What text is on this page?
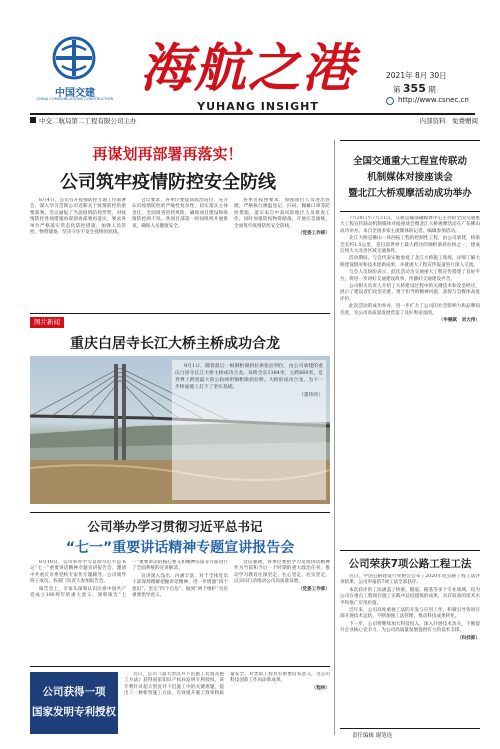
中国交建
CHINA COMMUNICATIONS CONSTRUCTION 海航之港
YUHANG INSIGHT
2021年 8月 30日
第 355 期
http://www.csnec.cn
中交二航局第二工程有限公司主办	内部资料　免费赠阅
再谋划再部署再落实！
公司筑牢疫情防控安全防线

8月4日，公司召开疫情防控专题工作部署会，深入学习贯彻公司近期关于疫情防控的重要部署。会议通报了当前疫情防控形势，对疫情防控各项措施再谋划再部署再落实，要求各单位严格落实常态化防控措施，加强人员管控、物资储备，坚决守住不发生疫情的底线。

会议要求，各单位要提高政治站位，充分认识疫情防控的严峻性复杂性，切实落实主体责任，全面排查管控风险，确保项目建设和疫情防控两不误。各项目部第一时间组织开展排查，确保人员健康安全。

各单位按照要求，加强项目人员进出管理，严格执行测温登记、扫码、佩戴口罩等防控措施，落实来自中高风险地区人员排查工作。同时加强防疫物资储备，开展应急演练，全面筑牢疫情防控安全防线。

（党委工作部）

图片新闻
重庆白居寺长江大桥主桥成功合龙

9月1日，随着最后一根钢桁梁斜拉索张拉到位，由公司承建的重庆白居寺长江大桥主桥成功合龙。该桥全长1384米，主跨660米，是世界上跨度最大的公轨两用钢桁梁斜拉桥。大桥的成功合龙，为下一步桥面施工打下了坚实基础。

（董伟欣）

公司举办学习贯彻习近平总书记
“七一”重要讲话精神专题宣讲报告会

8月10日，公司举办学习贯彻习近平总书记“七一”重要讲话精神专题宣讲报告会，邀请中共重庆市委党校专家作专题辅导。公司领导班子成员、各部门负责人参加报告会。

报告会上，专家从深刻认识庆祝中国共产党成立100周年的重大意义、深刻领会“七一”重要讲话的核心要义和精神实质等方面进行了全面系统的宣讲解读。

宣讲深入浅出、内涵丰富，对于全体党员干部深刻理解把握讲话精神、进一步增强“四个意识”、坚定“四个自信”、做到“两个维护”具有重要指导意义。

会议强调，各单位要把学习贯彻讲话精神作为当前和今后一个时期的重大政治任务，推动学习教育往深里走、往心里走、往实里走，以实际行动推动公司高质量发展。

（党委工作部）

公司获得一项
国家发明专利授权

近日，公司《超大型沉井下沉施工装置及施工方法》获得国家知识产权局发明专利授权。该专利针对超大型沉井下沉施工中的关键难题，提出了一种新型施工方法，有效提升施工效率和质量安全，对类似工程具有重要借鉴意义，为公司科技创新工作再添新成果。

（程林）

全国交通重大工程宣传联动
机制媒体对接座谈会
暨北江大桥观摩活动成功举办

7月29日至7月31日，交通运输部融媒体中心主办的全国交通重大工程宣传联动机制媒体对接座谈会暨北江大桥观摩活动在广东佛山成功举办。来自全国多家主流媒体的记者、编辑参加活动。

北江大桥是佛山一环西拓工程的控制性工程，由公司承建，桥梁全长约1.5公里，是目前世界上最大跨径的钢桁梁斜拉桥之一，建成后将大大改善区域交通条件。

活动期间，与会代表实地参观了北江大桥施工现场，详细了解大桥建设情况和技术创新成果，并就重大工程宣传报道进行深入交流。

与会人员纷纷表示，此次活动为交通重大工程宣传搭建了良好平台，将进一步讲好交通建设故事，传播好交通建设声音。

公司相关负责人介绍了大桥建设过程中的关键技术和攻坚经历，展示了建设者们攻坚克难、勇于担当的精神风貌，获得与会媒体高度评价。

此次活动的成功举办，进一步扩大了公司的社会影响力和品牌知名度，为公司高质量发展营造了良好舆论氛围。

（申楠斌　刘大伟）

公司荣获7项公路工程工法

近日，中国公路建设行业协会公布了2020年度公路工程工法评审结果，公司申报的7项工法全部获评。

本次获评的工法涵盖了桥梁、隧道、路基等多个专业领域，均为公司在重点工程项目施工实践中总结提炼的成果，具有较高的技术水平和推广应用价值。

近年来，公司高度重视工法的开发与应用工作，积极引导各项目部开展技术总结，不断加强工法管理，推动科技成果转化。

下一步，公司将继续加大科技投入，深入开展技术攻关，不断提升企业核心竞争力，为公司高质量发展提供有力的技术支撑。

（科技部）

责任编辑 谢笔连
